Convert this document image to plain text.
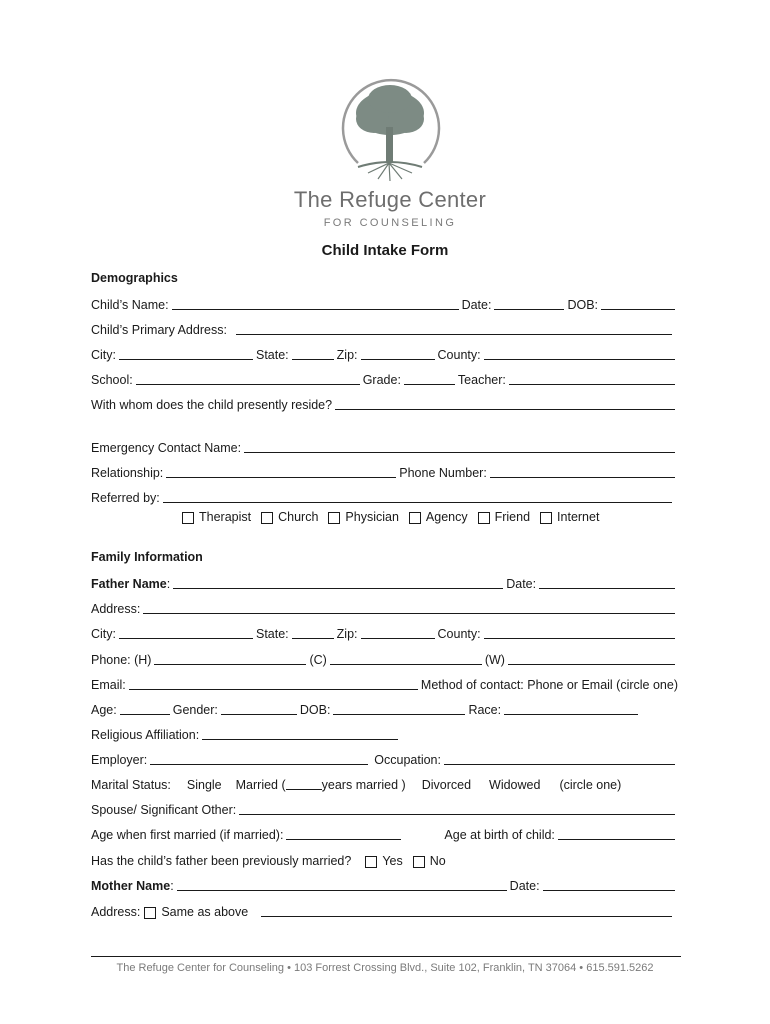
The Refuge Center
FOR COUNSELING
Child Intake Form
Demographics
Child’s Name:	Date:	DOB:
Child’s Primary Address:
City:	State:	Zip:	County:
School:	Grade:	Teacher:
With whom does the child presently reside?
Emergency Contact Name:
Relationship:	Phone Number:
Referred by:
Therapist	Church	Physician	Agency	Friend	Internet
Family Information
Father Name :	Date:
Address:
City:	State:	Zip:	County:
Phone: (H)	(C)	(W)
Email:	Method of contact: Phone or Email (circle one)
Age:	Gender:	DOB:	Race:
Religious Affiliation:
Employer:	Occupation:
Marital Status: Single Married (	years married ) Divorced Widowed (circle one)
Spouse/ Significant Other:
Age when first married (if married):	Age at birth of child:
Has the child’s father been previously married?	Yes	No
Mother Name :	Date:
Address:	Same as above
The Refuge Center for Counseling • 103 Forrest Crossing Blvd., Suite 102, Franklin, TN 37064 • 615.591.5262
